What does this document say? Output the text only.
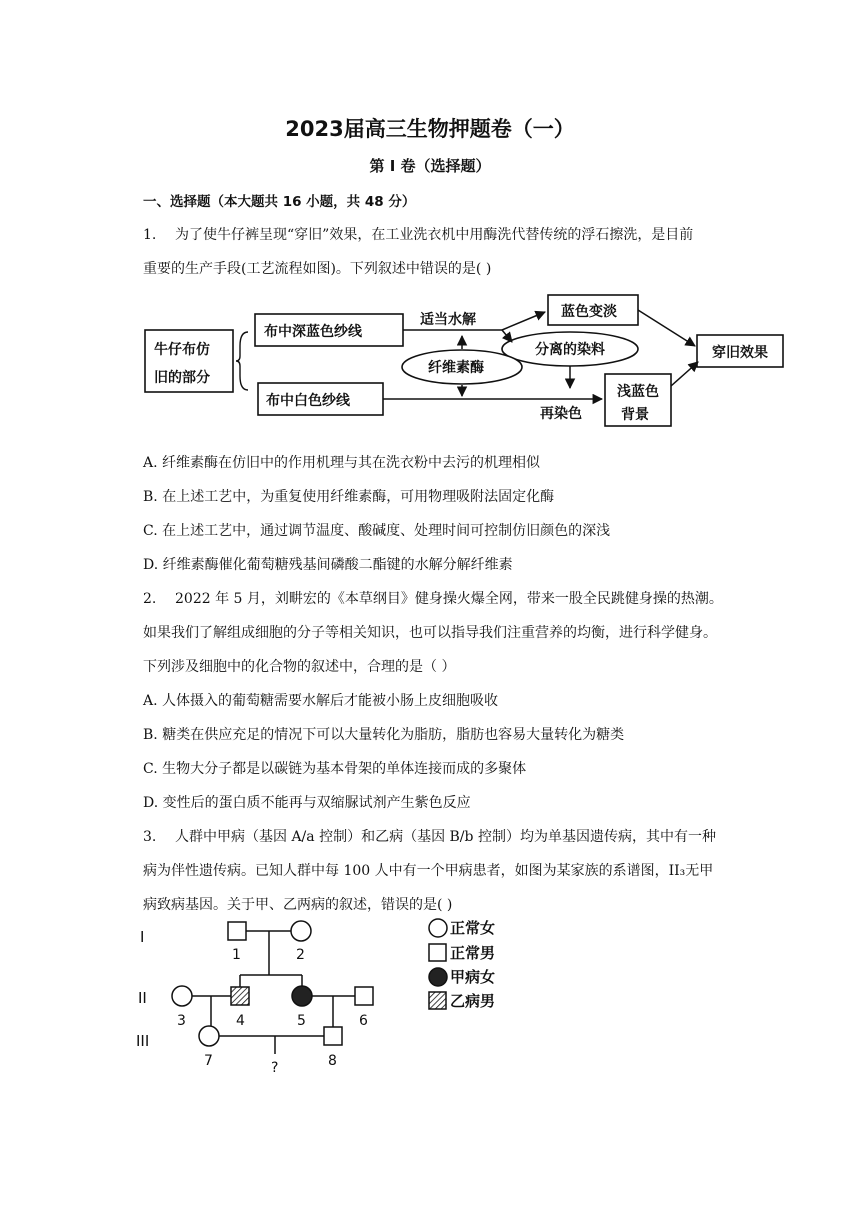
2023届高三生物押题卷（一）
第 I 卷（选择题）
一、选择题（本大题共 16 小题，共 48 分）
1. 为了使牛仔裤呈现“穿旧”效果，在工业洗衣机中用酶洗代替传统的浮石擦洗，是目前
重要的生产手段(工艺流程如图)。下列叙述中错误的是( )
牛仔布仿
旧的部分
布中深蓝色纱线
布中白色纱线
适当水解
纤维素酶
蓝色变淡
分离的染料	穿旧效果
浅蓝色
背景
再染色
A. 纤维素酶在仿旧中的作用机理与其在洗衣粉中去污的机理相似
B. 在上述工艺中，为重复使用纤维素酶，可用物理吸附法固定化酶
C. 在上述工艺中，通过调节温度、酸碱度、处理时间可控制仿旧颜色的深浅
D. 纤维素酶催化葡萄糖残基间磷酸二酯键的水解分解纤维素
2. 2022 年 5 月，刘畊宏的《本草纲目》健身操火爆全网，带来一股全民跳健身操的热潮。
如果我们了解组成细胞的分子等相关知识，也可以指导我们注重营养的均衡，进行科学健身。
下列涉及细胞中的化合物的叙述中，合理的是（ ）
A. 人体摄入的葡萄糖需要水解后才能被小肠上皮细胞吸收
B. 糖类在供应充足的情况下可以大量转化为脂肪，脂肪也容易大量转化为糖类
C. 生物大分子都是以碳链为基本骨架的单体连接而成的多聚体
D. 变性后的蛋白质不能再与双缩脲试剂产生紫色反应
3. 人群中甲病（基因 A/a 控制）和乙病（基因 B/b 控制）均为单基因遗传病，其中有一种
病为伴性遗传病。已知人群中每 100 人中有一个甲病患者，如图为某家族的系谱图，II₃无甲
病致病基因。关于甲、乙两病的叙述，错误的是( )
I
II
III
1	2
3	4	5	6
7	8
?
正常女
正常男
甲病女
乙病男
